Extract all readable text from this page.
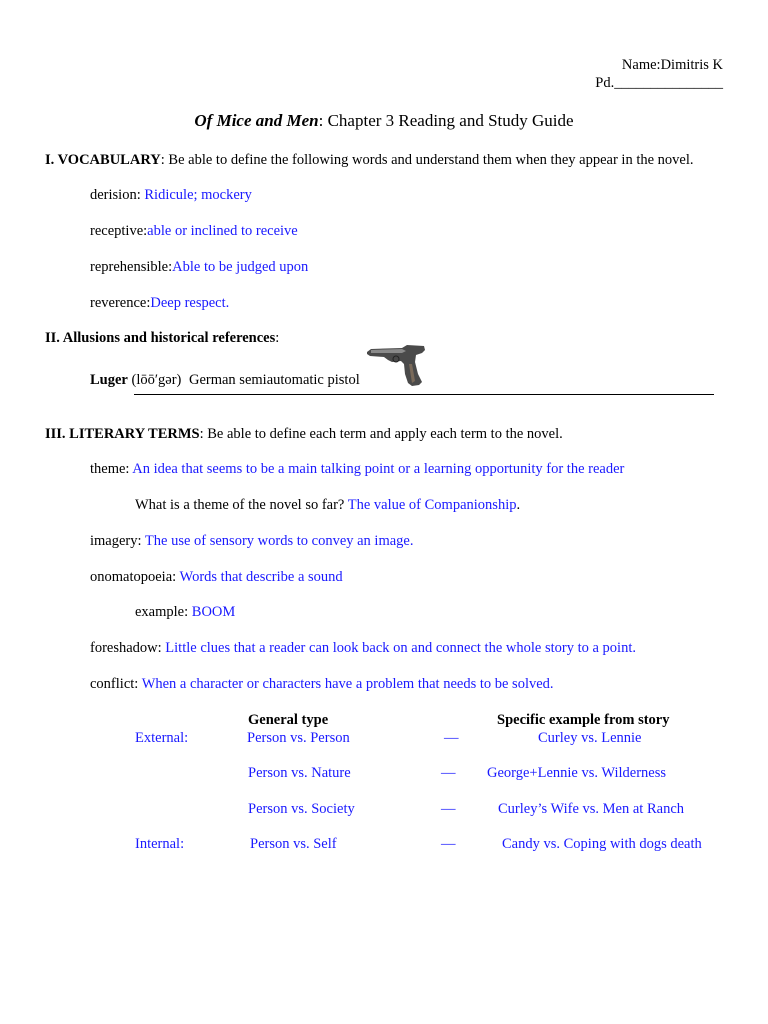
Name:Dimitris K
Pd._______________
Of Mice and Men: Chapter 3 Reading and Study Guide
I. VOCABULARY: Be able to define the following words and understand them when they appear in the novel.
derision: Ridicule; mockery
receptive:able or inclined to receive
reprehensible:Able to be judged upon
reverence:Deep respect.
II. Allusions and historical references:
Luger (lōō′gər) German semiautomatic pistol
III. LITERARY TERMS: Be able to define each term and apply each term to the novel.
theme: An idea that seems to be a main talking point or a learning opportunity for the reader
What is a theme of the novel so far? The value of Companionship.
imagery: The use of sensory words to convey an image.
onomatopoeia: Words that describe a sound
example: BOOM
foreshadow: Little clues that a reader can look back on and connect the whole story to a point.
conflict: When a character or characters have a problem that needs to be solved.
General type	Specific example from story
External:	Person vs. Person	—	Curley vs. Lennie
Person vs. Nature	— George+Lennie vs. Wilderness
Person vs. Society	—	Curley’s Wife vs. Men at Ranch
Internal:	Person vs. Self	—	Candy vs. Coping with dogs death
